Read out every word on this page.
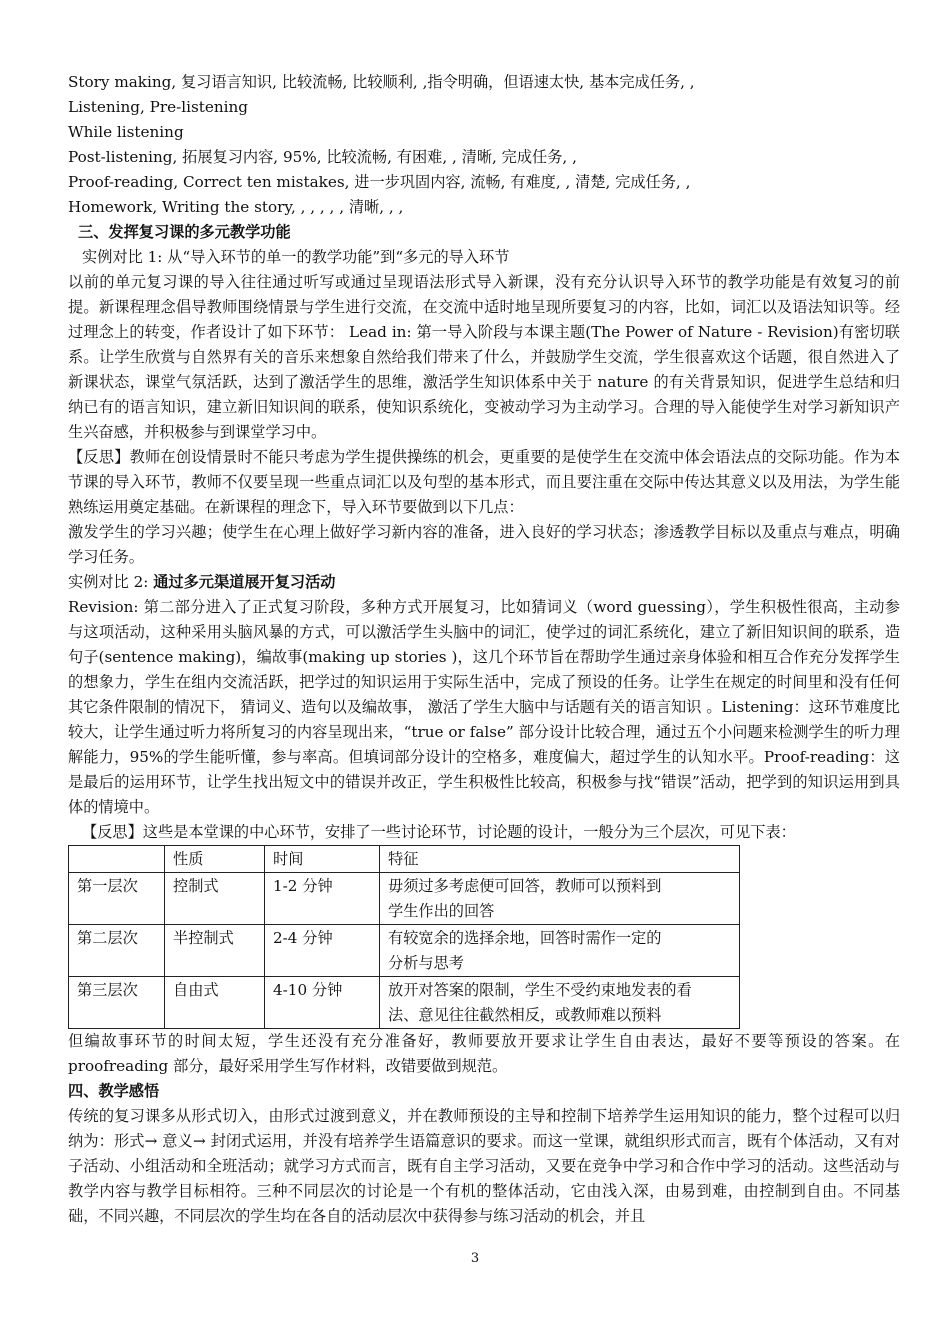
Story making, 复习语言知识, 比较流畅, 比较顺利, ,指令明确，但语速太快, 基本完成任务, ,

Listening, Pre-listening

While listening

Post-listening, 拓展复习内容, 95%, 比较流畅, 有困难, , 清晰, 完成任务, ,

Proof-reading, Correct ten mistakes, 进一步巩固内容, 流畅, 有难度, , 清楚, 完成任务, ,

Homework, Writing the story, , , , , , 清晰, , ,

三、发挥复习课的多元教学功能

实例对比 1: 从“导入环节的单一的教学功能”到“多元的导入环节

以前的单元复习课的导入往往通过听写或通过呈现语法形式导入新课，没有充分认识导入环节的教学功能是有效复习的前提。新课程理念倡导教师围绕情景与学生进行交流，在交流中适时地呈现所要复习的内容，比如，词汇以及语法知识等。经过理念上的转变，作者设计了如下环节： Lead in: 第一导入阶段与本课主题(The Power of Nature - Revision)有密切联系。让学生欣赏与自然界有关的音乐来想象自然给我们带来了什么，并鼓励学生交流，学生很喜欢这个话题，很自然进入了新课状态，课堂气氛活跃，达到了激活学生的思维，激活学生知识体系中关于 nature 的有关背景知识，促进学生总结和归纳已有的语言知识，建立新旧知识间的联系，使知识系统化，变被动学习为主动学习。合理的导入能使学生对学习新知识产生兴奋感，并积极参与到课堂学习中。

【反思】教师在创设情景时不能只考虑为学生提供操练的机会，更重要的是使学生在交流中体会语法点的交际功能。作为本节课的导入环节，教师不仅要呈现一些重点词汇以及句型的基本形式，而且要注重在交际中传达其意义以及用法，为学生能熟练运用奠定基础。在新课程的理念下，导入环节要做到以下几点：

激发学生的学习兴趣；使学生在心理上做好学习新内容的准备，进入良好的学习状态；渗透教学目标以及重点与难点，明确学习任务。

实例对比 2: 通过多元渠道展开复习活动

Revision: 第二部分进入了正式复习阶段，多种方式开展复习，比如猜词义（word guessing），学生积极性很高，主动参与这项活动，这种采用头脑风暴的方式，可以激活学生头脑中的词汇，使学过的词汇系统化，建立了新旧知识间的联系，造句子(sentence making)，编故事(making up stories )，这几个环节旨在帮助学生通过亲身体验和相互合作充分发挥学生的想象力，学生在组内交流活跃，把学过的知识运用于实际生活中，完成了预设的任务。让学生在规定的时间里和没有任何其它条件限制的情况下， 猜词义、造句以及编故事， 激活了学生大脑中与话题有关的语言知识 。Listening：这环节难度比较大，让学生通过听力将所复习的内容呈现出来，“true or false” 部分设计比较合理，通过五个小问题来检测学生的听力理解能力，95%的学生能听懂，参与率高。但填词部分设计的空格多，难度偏大，超过学生的认知水平。Proof-reading：这是最后的运用环节，让学生找出短文中的错误并改正，学生积极性比较高，积极参与找“错误”活动，把学到的知识运用到具体的情境中。

【反思】这些是本堂课的中心环节，安排了一些讨论环节，讨论题的设计，一般分为三个层次，可见下表：

	性质	时间	特征
第一层次	控制式	1-2 分钟	毋须过多考虑便可回答，教师可以预料到
学生作出的回答

第二层次	半控制式	2-4 分钟	有较宽余的选择余地，回答时需作一定的
分析与思考

第三层次	自由式	4-10 分钟	放开对答案的限制，学生不受约束地发表的看
法、意见往往截然相反，或教师难以预料

但编故事环节的时间太短，学生还没有充分准备好，教师要放开要求让学生自由表达，最好不要等预设的答案。在 proofreading 部分，最好采用学生写作材料，改错要做到规范。

四、教学感悟

传统的复习课多从形式切入，由形式过渡到意义，并在教师预设的主导和控制下培养学生运用知识的能力，整个过程可以归纳为：形式→ 意义→ 封闭式运用，并没有培养学生语篇意识的要求。而这一堂课，就组织形式而言，既有个体活动，又有对子活动、小组活动和全班活动；就学习方式而言，既有自主学习活动，又要在竞争中学习和合作中学习的活动。这些活动与教学内容与教学目标相符。三种不同层次的讨论是一个有机的整体活动，它由浅入深，由易到难，由控制到自由。不同基础，不同兴趣，不同层次的学生均在各自的活动层次中获得参与练习活动的机会，并且

3
